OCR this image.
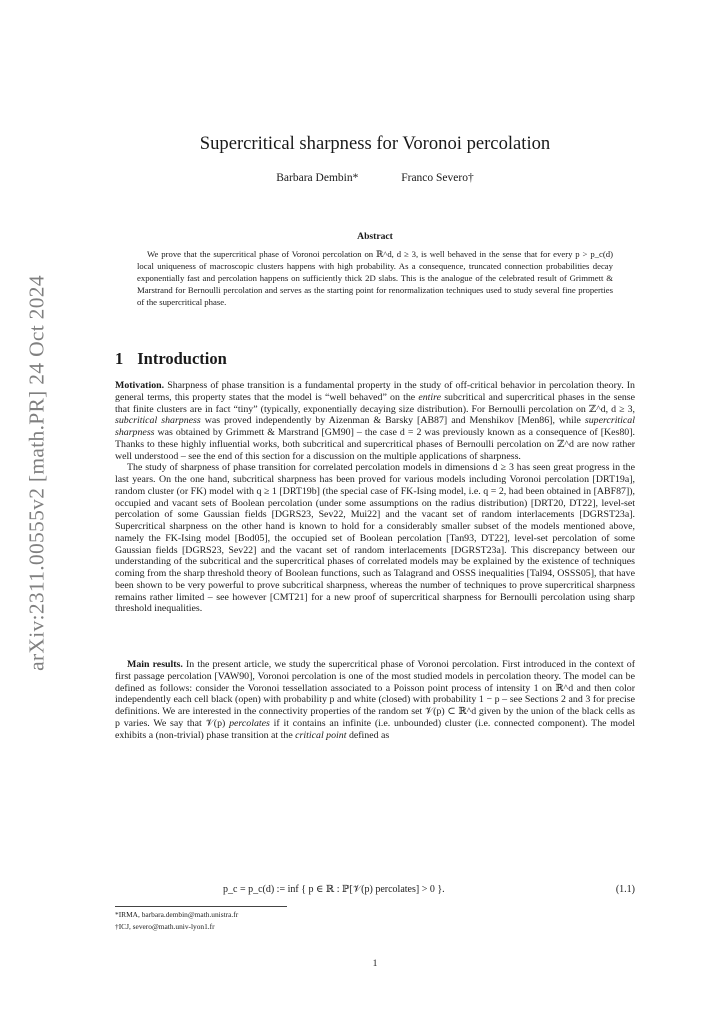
arXiv:2311.00555v2 [math.PR] 24 Oct 2024
Supercritical sharpness for Voronoi percolation
Barbara Dembin*	Franco Severo†
Abstract
We prove that the supercritical phase of Voronoi percolation on ℝ^d, d ≥ 3, is well behaved in the sense that for every p > p_c(d) local uniqueness of macroscopic clusters happens with high probability. As a consequence, truncated connection probabilities decay exponentially fast and percolation happens on sufficiently thick 2D slabs. This is the analogue of the celebrated result of Grimmett & Marstrand for Bernoulli percolation and serves as the starting point for renormalization techniques used to study several fine properties of the supercritical phase.
1 Introduction
Motivation. Sharpness of phase transition is a fundamental property in the study of off-critical behavior in percolation theory. In general terms, this property states that the model is “well behaved” on the entire subcritical and supercritical phases in the sense that finite clusters are in fact “tiny” (typically, exponentially decaying size distribution). For Bernoulli percolation on ℤ^d, d ≥ 3, subcritical sharpness was proved independently by Aizenman & Barsky [AB87] and Menshikov [Men86], while supercritical sharpness was obtained by Grimmett & Marstrand [GM90] – the case d = 2 was previously known as a consequence of [Kes80]. Thanks to these highly influential works, both subcritical and supercritical phases of Bernoulli percolation on ℤ^d are now rather well understood – see the end of this section for a discussion on the multiple applications of sharpness.
The study of sharpness of phase transition for correlated percolation models in dimensions d ≥ 3 has seen great progress in the last years. On the one hand, subcritical sharpness has been proved for various models including Voronoi percolation [DRT19a], random cluster (or FK) model with q ≥ 1 [DRT19b] (the special case of FK-Ising model, i.e. q = 2, had been obtained in [ABF87]), occupied and vacant sets of Boolean percolation (under some assumptions on the radius distribution) [DRT20, DT22], level-set percolation of some Gaussian fields [DGRS23, Sev22, Mui22] and the vacant set of random interlacements [DGRST23a]. Supercritical sharpness on the other hand is known to hold for a considerably smaller subset of the models mentioned above, namely the FK-Ising model [Bod05], the occupied set of Boolean percolation [Tan93, DT22], level-set percolation of some Gaussian fields [DGRS23, Sev22] and the vacant set of random interlacements [DGRST23a]. This discrepancy between our understanding of the subcritical and the supercritical phases of correlated models may be explained by the existence of techniques coming from the sharp threshold theory of Boolean functions, such as Talagrand and OSSS inequalities [Tal94, OSSS05], that have been shown to be very powerful to prove subcritical sharpness, whereas the number of techniques to prove supercritical sharpness remains rather limited – see however [CMT21] for a new proof of supercritical sharpness for Bernoulli percolation using sharp threshold inequalities.
Main results. In the present article, we study the supercritical phase of Voronoi percolation. First introduced in the context of first passage percolation [VAW90], Voronoi percolation is one of the most studied models in percolation theory. The model can be defined as follows: consider the Voronoi tessellation associated to a Poisson point process of intensity 1 on ℝ^d and then color independently each cell black (open) with probability p and white (closed) with probability 1 − p – see Sections 2 and 3 for precise definitions. We are interested in the connectivity properties of the random set 𝒱(p) ⊂ ℝ^d given by the union of the black cells as p varies. We say that 𝒱(p) percolates if it contains an infinite (i.e. unbounded) cluster (i.e. connected component). The model exhibits a (non-trivial) phase transition at the critical point defined as
p_c = p_c(d) := inf { p ∈ ℝ : ℙ[𝒱(p) percolates] > 0 }.	(1.1)
*IRMA, barbara.dembin@math.unistra.fr
†ICJ, severo@math.univ-lyon1.fr
1
